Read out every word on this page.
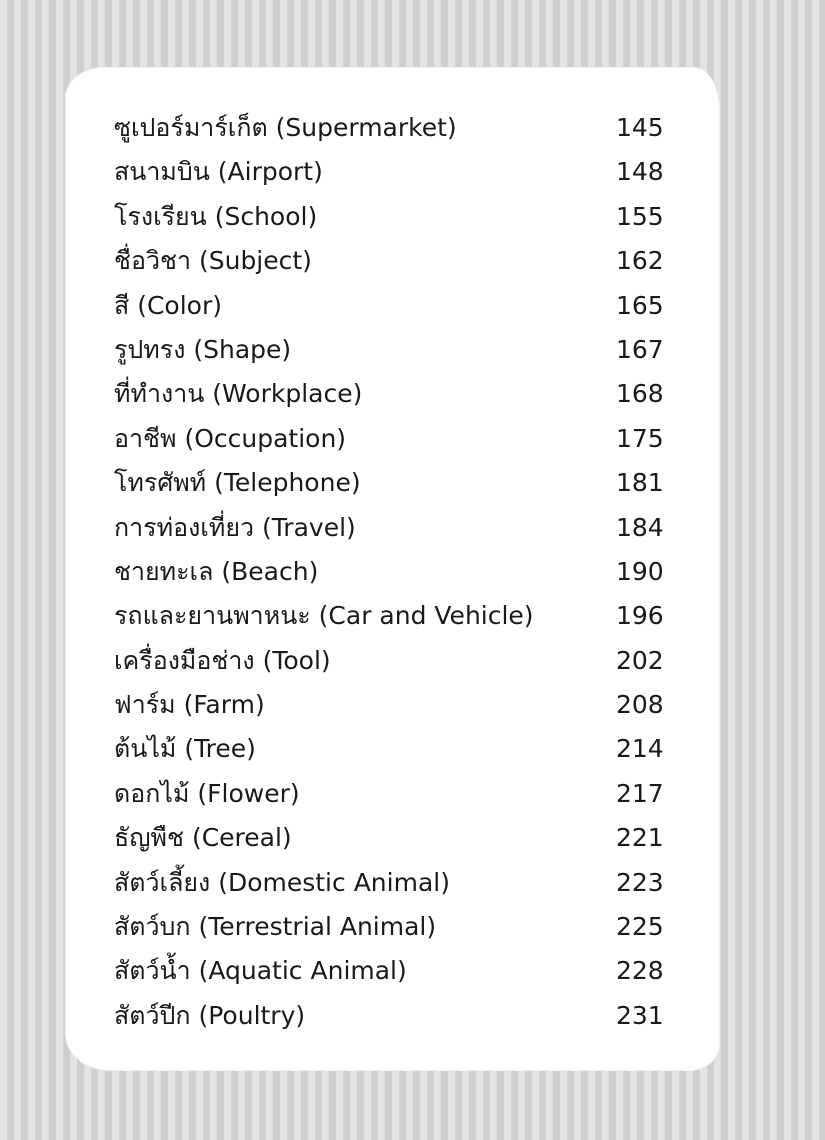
ซูเปอร์มาร์เก็ต (Supermarket)	145
สนามบิน (Airport)	148
โรงเรียน (School)	155
ชื่อวิชา (Subject)	162
สี (Color)	165
รูปทรง (Shape)	167
ที่ทำงาน (Workplace)	168
อาชีพ (Occupation)	175
โทรศัพท์ (Telephone)	181
การท่องเที่ยว (Travel)	184
ชายทะเล (Beach)	190
รถและยานพาหนะ (Car and Vehicle)	196
เครื่องมือช่าง (Tool)	202
ฟาร์ม (Farm)	208
ต้นไม้ (Tree)	214
ดอกไม้ (Flower)	217
ธัญพืช (Cereal)	221
สัตว์เลี้ยง (Domestic Animal)	223
สัตว์บก (Terrestrial Animal)	225
สัตว์น้ำ (Aquatic Animal)	228
สัตว์ปีก (Poultry)	231
